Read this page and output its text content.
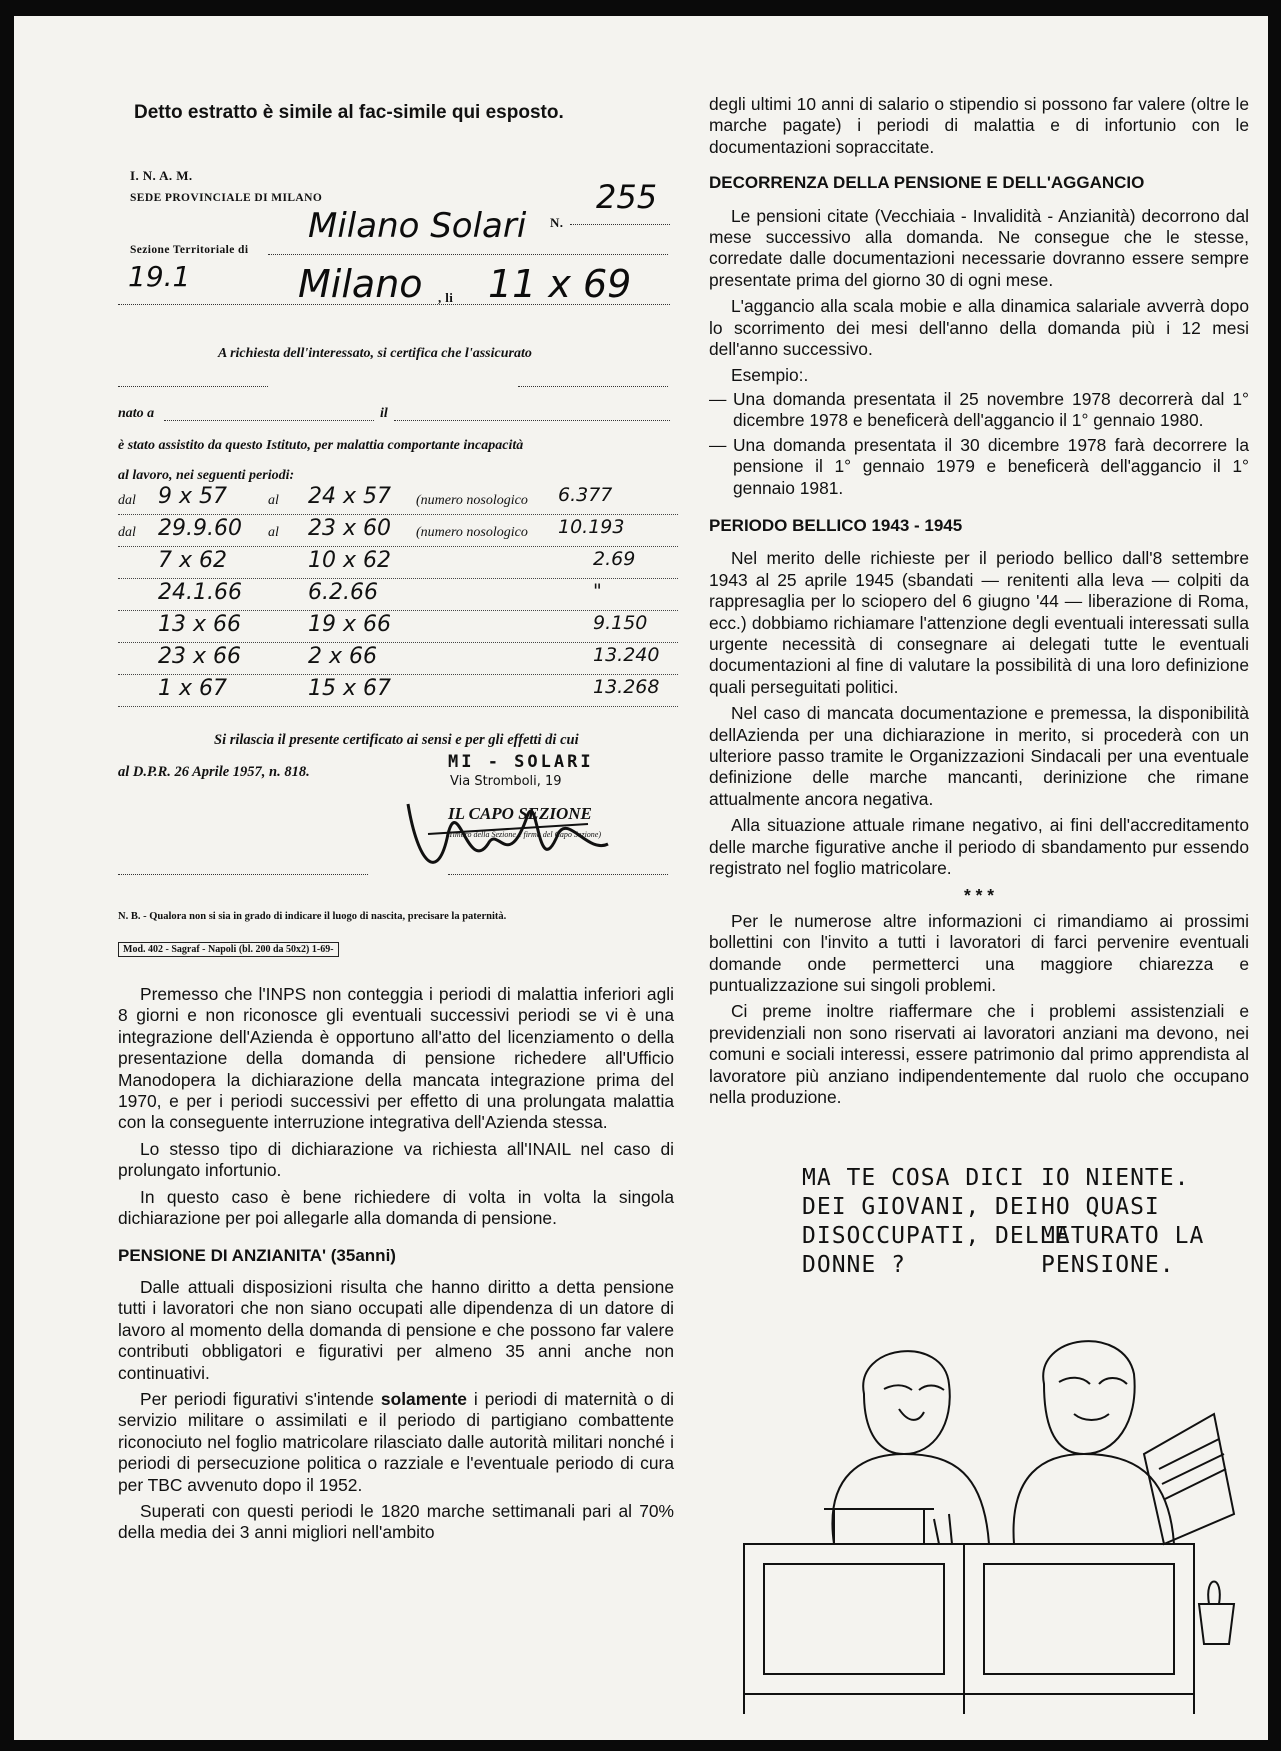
Detto estratto è simile al fac-simile qui esposto.
I. N. A. M.
SEDE PROVINCIALE DI MILANO
N.
255
Sezione Territoriale di
Milano Solari
19.1	Milano , li 11 x 69
A richiesta dell'interessato, si certifica che l'assicurato
nato a	il
è stato assistito da questo Istituto, per malattia comportante incapacità
al lavoro, nei seguenti periodi:
dal 9 x 57	al 24 x 57 (numero nosologico 6.377
dal 29.9.60 al 23 x 60 (numero nosologico 10.193
7 x 62	10 x 62	2.69
24.1.66	6.2.66	"
13 x 66	19 x 66	9.150
23 x 66	2 x 66	13.240
1 x 67	15 x 67	13.268
Si rilascia il presente certificato ai sensi e per gli effetti di cui
al D.P.R. 26 Aprile 1957, n. 818.	MI - SOLARI
Via Stromboli, 19
IL CAPO SEZIONE
(Timbro della Sezione e firma del Capo Sezione)
N. B. - Qualora non si sia in grado di indicare il luogo di nascita, precisare la paternità.
Mod. 402 - Sagraf - Napoli (bl. 200 da 50x2) 1-69-

Premesso che l'INPS non conteggia i periodi di malattia inferiori agli 8 giorni e non riconosce gli eventuali successivi periodi se vi è una integrazione dell'Azienda è opportuno all'atto del licenziamento o della presentazione della domanda di pensione richedere all'Ufficio Manodopera la dichiarazione della mancata integrazione prima del 1970, e per i periodi successivi per effetto di una prolungata malattia con la conseguente interruzione integrativa dell'Azienda stessa.

Lo stesso tipo di dichiarazione va richiesta all'INAIL nel caso di prolungato infortunio.

In questo caso è bene richiedere di volta in volta la singola dichiarazione per poi allegarle alla domanda di pensione.

PENSIONE DI ANZIANITA' (35anni)

Dalle attuali disposizioni risulta che hanno diritto a detta pensione tutti i lavoratori che non siano occupati alle dipendenza di un datore di lavoro al momento della domanda di pensione e che possono far valere contributi obbligatori e figurativi per almeno 35 anni anche non continuativi.

Per periodi figurativi s'intende solamente i periodi di maternità o di servizio militare o assimilati e il periodo di partigiano combattente riconociuto nel foglio matricolare rilasciato dalle autorità militari nonché i periodi di persecuzione politica o razziale e l'eventuale periodo di cura per TBC avvenuto dopo il 1952.

Superati con questi periodi le 1820 marche settimanali pari al 70% della media dei 3 anni migliori nell'ambito

degli ultimi 10 anni di salario o stipendio si possono far valere (oltre le marche pagate) i periodi di malattia e di infortunio con le documentazioni sopraccitate.

DECORRENZA DELLA PENSIONE E DELL'AGGANCIO

Le pensioni citate (Vecchiaia - Invalidità - Anzianità) decorrono dal mese successivo alla domanda. Ne consegue che le stesse, corredate dalle documentazioni necessarie dovranno essere sempre presentate prima del giorno 30 di ogni mese.

L'aggancio alla scala mobie e alla dinamica salariale avverrà dopo lo scorrimento dei mesi dell'anno della domanda più i 12 mesi dell'anno successivo.

Esempio:.

— Una domanda presentata il 25 novembre 1978 decorrerà dal 1° dicembre 1978 e beneficerà dell'aggancio il 1° gennaio 1980.
— Una domanda presentata il 30 dicembre 1978 farà decorrere la pensione il 1° gennaio 1979 e beneficerà dell'aggancio il 1° gennaio 1981.
PERIODO BELLICO 1943 - 1945

Nel merito delle richieste per il periodo bellico dall'8 settembre 1943 al 25 aprile 1945 (sbandati — renitenti alla leva — colpiti da rappresaglia per lo sciopero del 6 giugno '44 — liberazione di Roma, ecc.) dobbiamo richiamare l'attenzione degli eventuali interessati sulla urgente necessità di consegnare ai delegati tutte le eventuali documentazioni al fine di valutare la possibilità di una loro definizione quali perseguitati politici.

Nel caso di mancata documentazione e premessa, la disponibilità dellAzienda per una dichiarazione in merito, si procederà con un ulteriore passo tramite le Organizzazioni Sindacali per una eventuale definizione delle marche mancanti, derinizione che rimane attualmente ancora negativa.

Alla situazione attuale rimane negativo, ai fini dell'accreditamento delle marche figurative anche il periodo di sbandamento pur essendo registrato nel foglio matricolare.

* * *

Per le numerose altre informazioni ci rimandiamo ai prossimi bollettini con l'invito a tutti i lavoratori di farci pervenire eventuali domande onde permetterci una maggiore chiarezza e puntualizzazione sui singoli problemi.

Ci preme inoltre riaffermare che i problemi assistenziali e previdenziali non sono riservati ai lavoratori anziani ma devono, nei comuni e sociali interessi, essere patrimonio dal primo apprendista al lavoratore più anziano indipendentemente dal ruolo che occupano nella produzione.

MA TE COSA DICI
DEI GIOVANI, DEI
DISOCCUPATI, DELLE
DONNE ?
IO NIENTE.
HO QUASI
MATURATO LA
PENSIONE.
